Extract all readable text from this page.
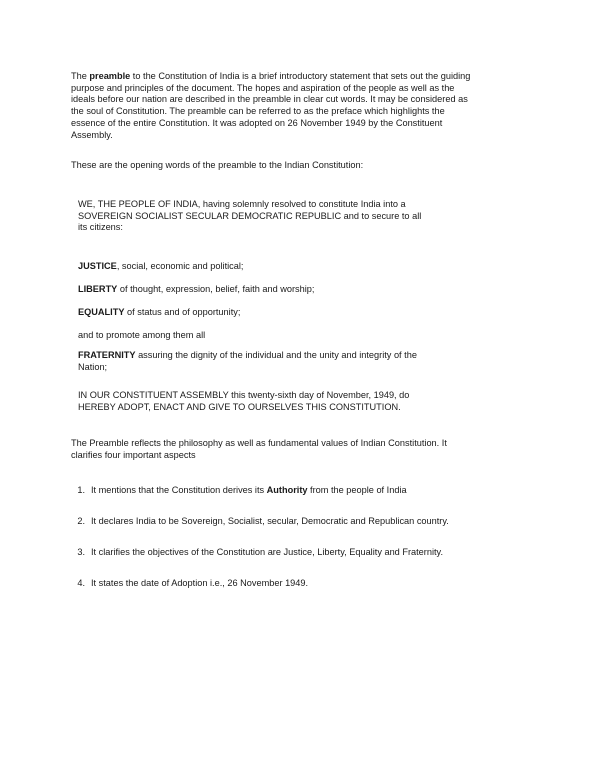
The preamble to the Constitution of India is a brief introductory statement that sets out the guiding
purpose and principles of the document. The hopes and aspiration of the people as well as the
ideals before our nation are described in the preamble in clear cut words. It may be considered as
the soul of Constitution. The preamble can be referred to as the preface which highlights the
essence of the entire Constitution. It was adopted on 26 November 1949 by the Constituent
Assembly.

These are the opening words of the preamble to the Indian Constitution:

WE, THE PEOPLE OF INDIA, having solemnly resolved to constitute India into a
SOVEREIGN SOCIALIST SECULAR DEMOCRATIC REPUBLIC and to secure to all
its citizens:

JUSTICE, social, economic and political;

LIBERTY of thought, expression, belief, faith and worship;

EQUALITY of status and of opportunity;

and to promote among them all

FRATERNITY assuring the dignity of the individual and the unity and integrity of the
Nation;

IN OUR CONSTITUENT ASSEMBLY this twenty-sixth day of November, 1949, do
HEREBY ADOPT, ENACT AND GIVE TO OURSELVES THIS CONSTITUTION.

The Preamble reflects the philosophy as well as fundamental values of Indian Constitution. It
clarifies four important aspects

1. It mentions that the Constitution derives its Authority from the people of India
2. It declares India to be Sovereign, Socialist, secular, Democratic and Republican country.
3. It clarifies the objectives of the Constitution are Justice, Liberty, Equality and Fraternity.
4. It states the date of Adoption i.e., 26 November 1949.
